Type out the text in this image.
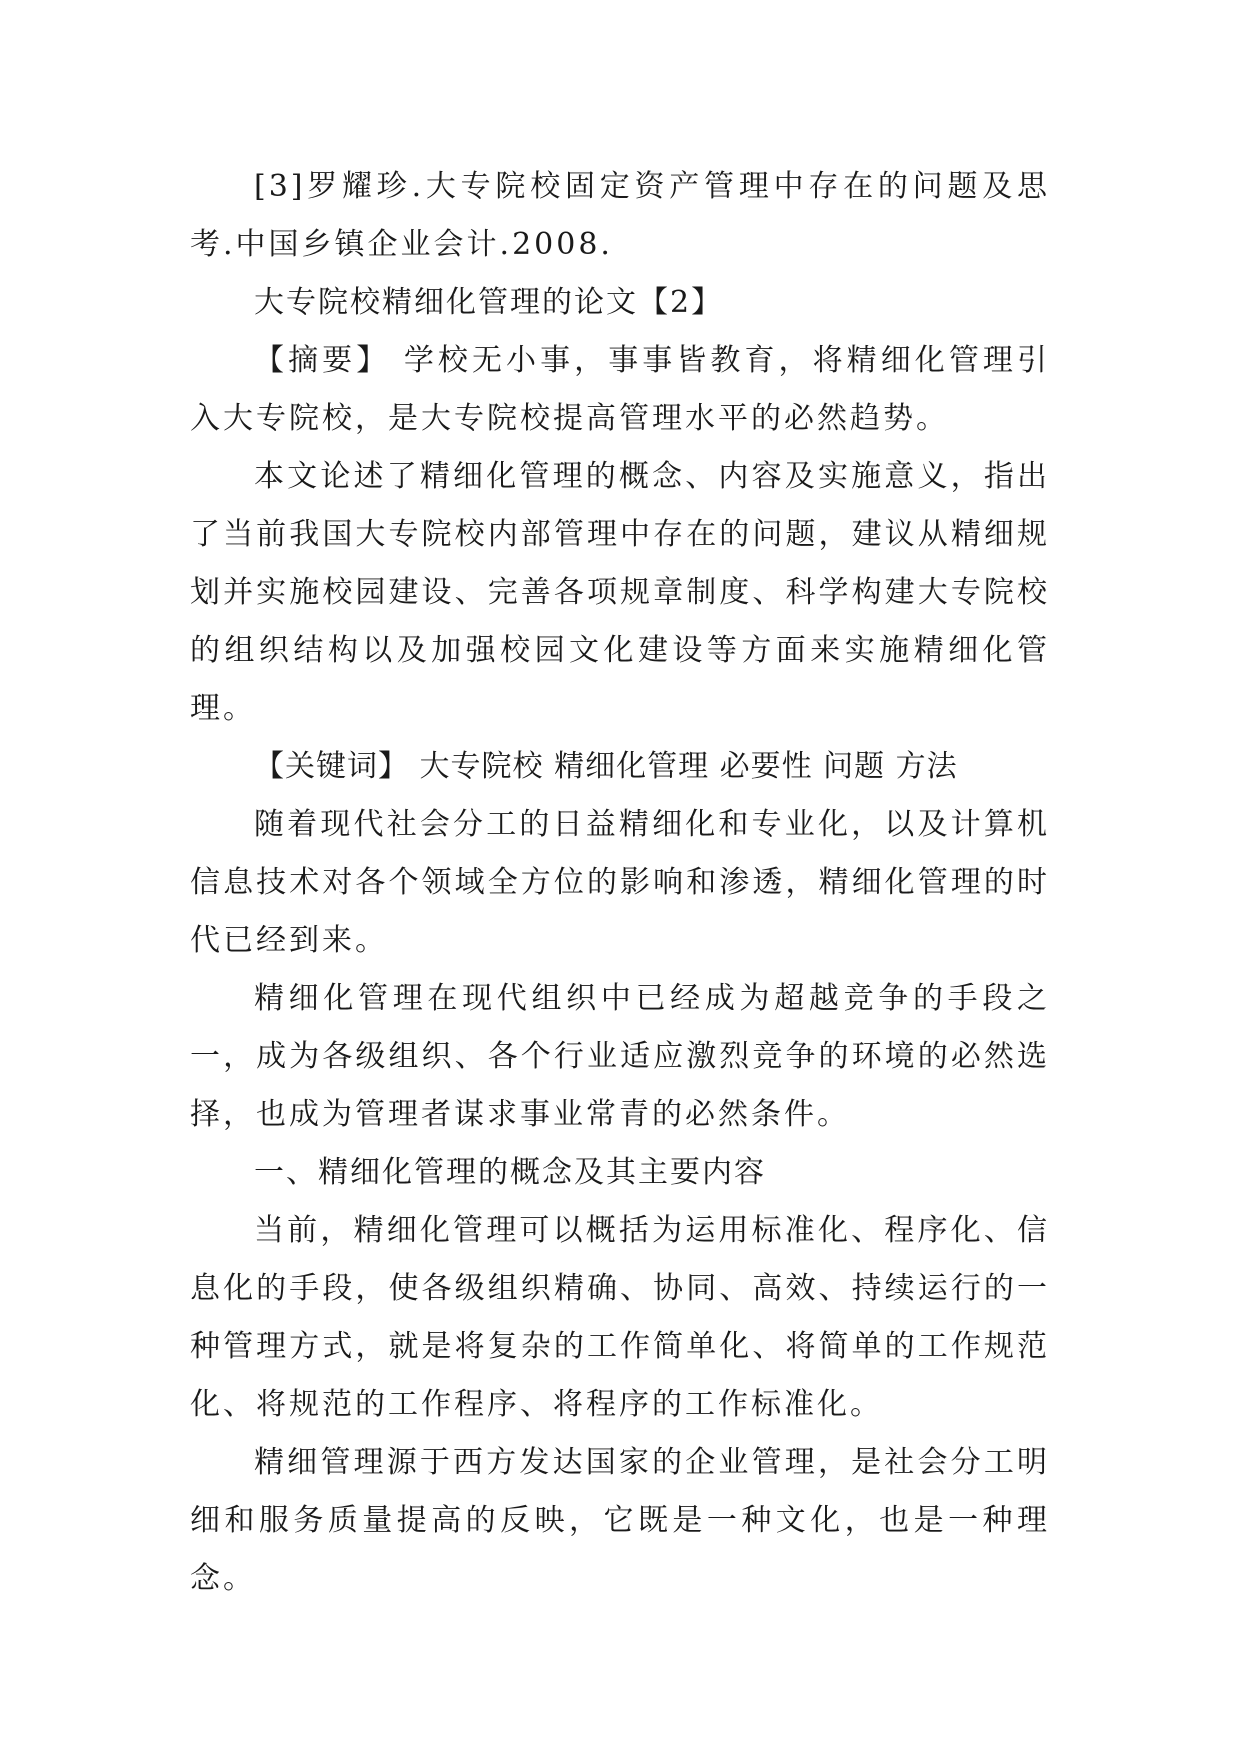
[3]罗耀珍.大专院校固定资产管理中存在的问题及思考.中国乡镇企业会计.2008.

大专院校精细化管理的论文【2】

【摘要】 学校无小事，事事皆教育，将精细化管理引入大专院校，是大专院校提高管理水平的必然趋势。

本文论述了精细化管理的概念、内容及实施意义，指出了当前我国大专院校内部管理中存在的问题，建议从精细规划并实施校园建设、完善各项规章制度、科学构建大专院校的组织结构以及加强校园文化建设等方面来实施精细化管理。

【关键词】 大专院校 精细化管理 必要性 问题 方法

随着现代社会分工的日益精细化和专业化，以及计算机信息技术对各个领域全方位的影响和渗透，精细化管理的时代已经到来。

精细化管理在现代组织中已经成为超越竞争的手段之一，成为各级组织、各个行业适应激烈竞争的环境的必然选择，也成为管理者谋求事业常青的必然条件。

一、精细化管理的概念及其主要内容

当前，精细化管理可以概括为运用标准化、程序化、信息化的手段，使各级组织精确、协同、高效、持续运行的一种管理方式，就是将复杂的工作简单化、将简单的工作规范化、将规范的工作程序、将程序的工作标准化。

精细管理源于西方发达国家的企业管理，是社会分工明细和服务质量提高的反映，它既是一种文化，也是一种理念。
